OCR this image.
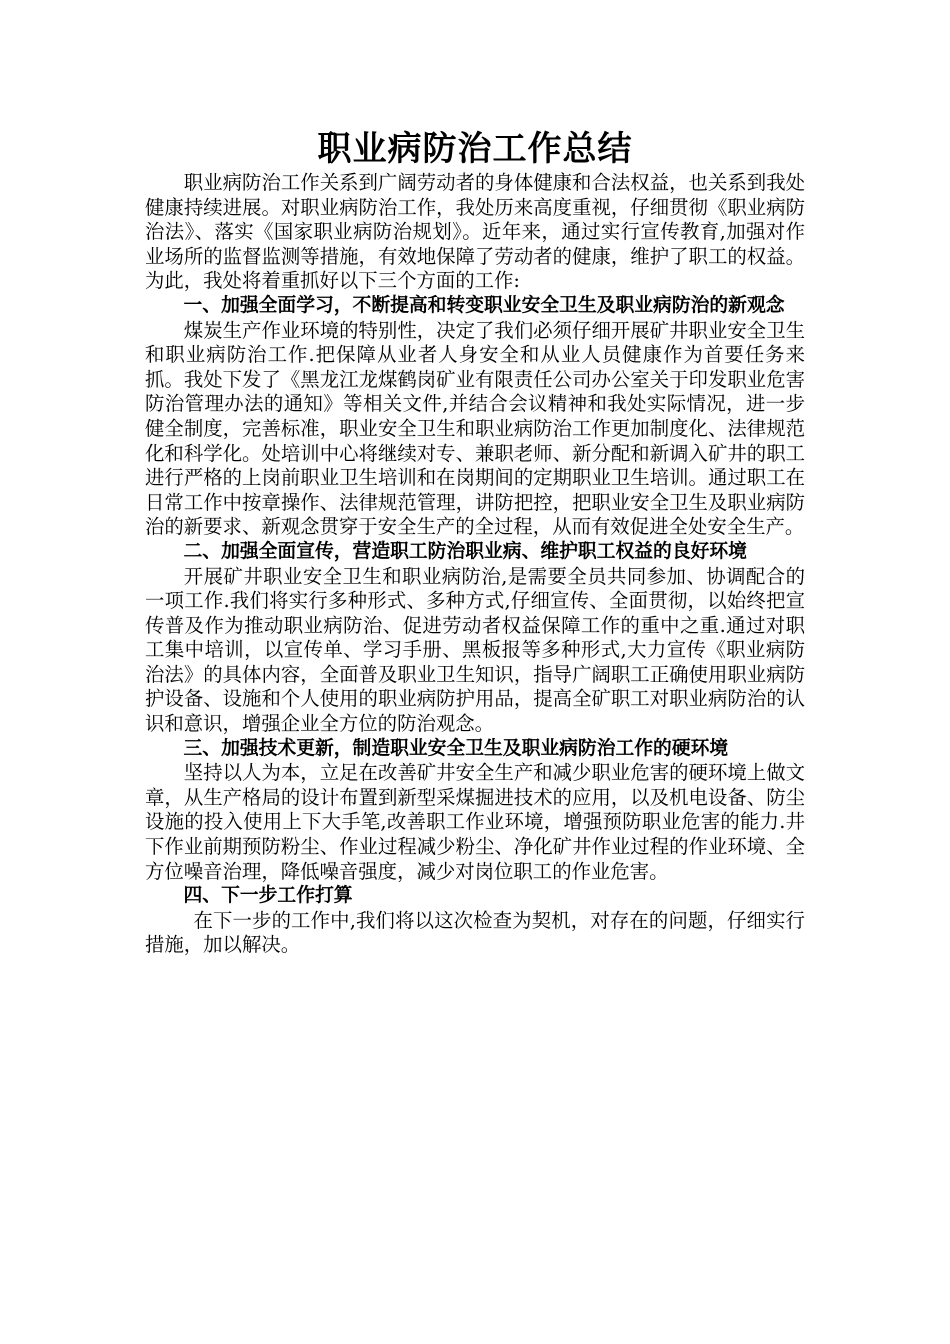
职业病防治工作总结

职业病防治工作关系到广阔劳动者的身体健康和合法权益，也关系到我处健康持续进展。对职业病防治工作，我处历来高度重视，仔细贯彻《职业病防治法》、落实《国家职业病防治规划》。近年来，通过实行宣传教育,加强对作业场所的监督监测等措施，有效地保障了劳动者的健康，维护了职工的权益。为此，我处将着重抓好以下三个方面的工作:

一、加强全面学习，不断提高和转变职业安全卫生及职业病防治的新观念

煤炭生产作业环境的特别性，决定了我们必须仔细开展矿井职业安全卫生和职业病防治工作.把保障从业者人身安全和从业人员健康作为首要任务来抓。我处下发了《黑龙江龙煤鹤岗矿业有限责任公司办公室关于印发职业危害防治管理办法的通知》等相关文件,并结合会议精神和我处实际情况，进一步健全制度，完善标准，职业安全卫生和职业病防治工作更加制度化、法律规范化和科学化。处培训中心将继续对专、兼职老师、新分配和新调入矿井的职工进行严格的上岗前职业卫生培训和在岗期间的定期职业卫生培训。通过职工在日常工作中按章操作、法律规范管理，讲防把控，把职业安全卫生及职业病防治的新要求、新观念贯穿于安全生产的全过程，从而有效促进全处安全生产。

二、加强全面宣传，营造职工防治职业病、维护职工权益的良好环境

开展矿井职业安全卫生和职业病防治,是需要全员共同参加、协调配合的一项工作.我们将实行多种形式、多种方式,仔细宣传、全面贯彻，以始终把宣传普及作为推动职业病防治、促进劳动者权益保障工作的重中之重.通过对职工集中培训，以宣传单、学习手册、黑板报等多种形式,大力宣传《职业病防治法》的具体内容，全面普及职业卫生知识，指导广阔职工正确使用职业病防护设备、设施和个人使用的职业病防护用品，提高全矿职工对职业病防治的认识和意识，增强企业全方位的防治观念。

三、加强技术更新，制造职业安全卫生及职业病防治工作的硬环境

坚持以人为本，立足在改善矿井安全生产和减少职业危害的硬环境上做文章，从生产格局的设计布置到新型采煤掘进技术的应用，以及机电设备、防尘设施的投入使用上下大手笔,改善职工作业环境，增强预防职业危害的能力.井下作业前期预防粉尘、作业过程减少粉尘、净化矿井作业过程的作业环境、全方位噪音治理，降低噪音强度，减少对岗位职工的作业危害。

四、下一步工作打算

在下一步的工作中,我们将以这次检查为契机，对存在的问题，仔细实行措施，加以解决。
